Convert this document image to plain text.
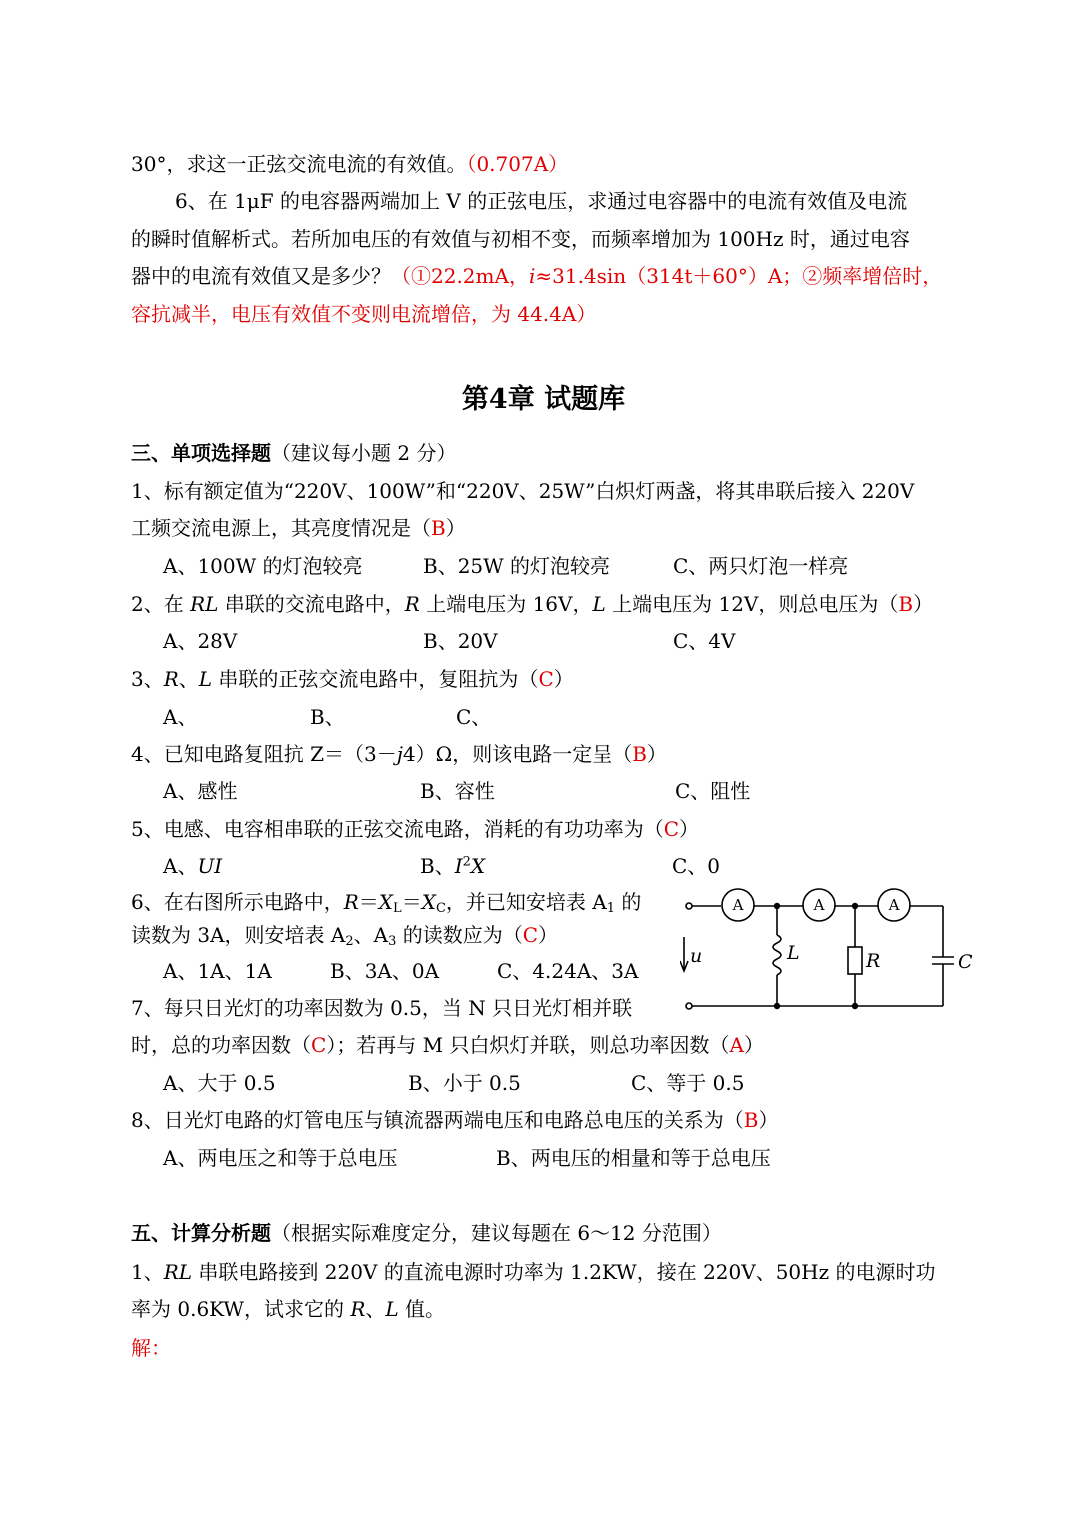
30°，求这一正弦交流电流的有效值。（0.707A）
6、在 1μF 的电容器两端加上 V 的正弦电压，求通过电容器中的电流有效值及电流
的瞬时值解析式。若所加电压的有效值与初相不变，而频率增加为 100Hz 时，通过电容
器中的电流有效值又是多少？（①22.2mA，i≈31.4sin（314t＋60°）A；②频率增倍时，
容抗减半，电压有效值不变则电流增倍，为 44.4A）
第4章 试题库
三、单项选择题（建议每小题 2 分）
1、标有额定值为“220V、100W”和“220V、25W”白炽灯两盏，将其串联后接入 220V
工频交流电源上，其亮度情况是（B）
A、100W 的灯泡较亮	B、25W 的灯泡较亮	C、两只灯泡一样亮
2、在 RL 串联的交流电路中，R 上端电压为 16V，L 上端电压为 12V，则总电压为（B）
A、28V	B、20V	C、4V
3、R、L 串联的正弦交流电路中，复阻抗为（C）
A、	B、	C、
4、已知电路复阻抗 Z＝（3－j4）Ω，则该电路一定呈（B）
A、感性	B、容性	C、阻性
5、电感、电容相串联的正弦交流电路，消耗的有功功率为（C）
A、UI	B、$I^2X$	C、0
6、在右图所示电路中，$R=X_L=X_C$，并已知安培表 $A_1$ 的
读数为 3A，则安培表 $A_2$、$A_3$ 的读数应为（C）
A、1A、1A	B、3A、0A	C、4.24A、3A
7、每只日光灯的功率因数为 0.5，当 N 只日光灯相并联
时，总的功率因数（C）；若再与 M 只白炽灯并联，则总功率因数（A）
A、大于 0.5	B、小于 0.5	C、等于 0.5
8、日光灯电路的灯管电压与镇流器两端电压和电路总电压的关系为（B）
A、两电压之和等于总电压	B、两电压的相量和等于总电压
五、计算分析题（根据实际难度定分，建议每题在 6～12 分范围）
1、RL 串联电路接到 220V 的直流电源时功率为 1.2KW，接在 220V、50Hz 的电源时功
率为 0.6KW，试求它的 R、L 值。
解：
A	A	A
u	L	R	C
